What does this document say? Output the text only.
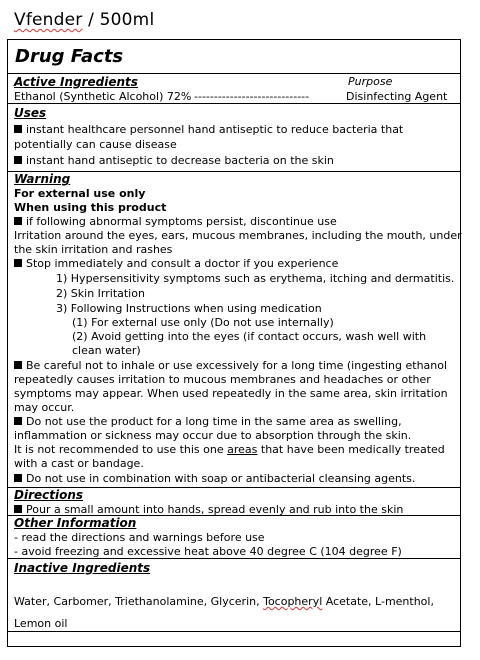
Vfender / 500ml
Drug Facts
Active Ingredients	Purpose
Ethanol (Synthetic Alcohol) 72% -----------------------------	Disinfecting Agent
Uses
instant healthcare personnel hand antiseptic to reduce bacteria that
potentially can cause disease
instant hand antiseptic to decrease bacteria on the skin
Warning
For external use only
When using this product
if following abnormal symptoms persist, discontinue use
Irritation around the eyes, ears, mucous membranes, including the mouth, under
the skin irritation and rashes
Stop immediately and consult a doctor if you experience
1) Hypersensitivity symptoms such as erythema, itching and dermatitis.
2) Skin Irritation
3) Following Instructions when using medication
(1) For external use only (Do not use internally)
(2) Avoid getting into the eyes (if contact occurs, wash well with
clean water)
Be careful not to inhale or use excessively for a long time (ingesting ethanol
repeatedly causes irritation to mucous membranes and headaches or other
symptoms may appear. When used repeatedly in the same area, skin irritation
may occur.
Do not use the product for a long time in the same area as swelling,
inflammation or sickness may occur due to absorption through the skin.
It is not recommended to use this one areas that have been medically treated
with a cast or bandage.
Do not use in combination with soap or antibacterial cleansing agents.
Directions
Pour a small amount into hands, spread evenly and rub into the skin
Other Information
- read the directions and warnings before use
- avoid freezing and excessive heat above 40 degree C (104 degree F)
Inactive Ingredients
Water, Carbomer, Triethanolamine, Glycerin, Tocopheryl Acetate, L-menthol,
Lemon oil
